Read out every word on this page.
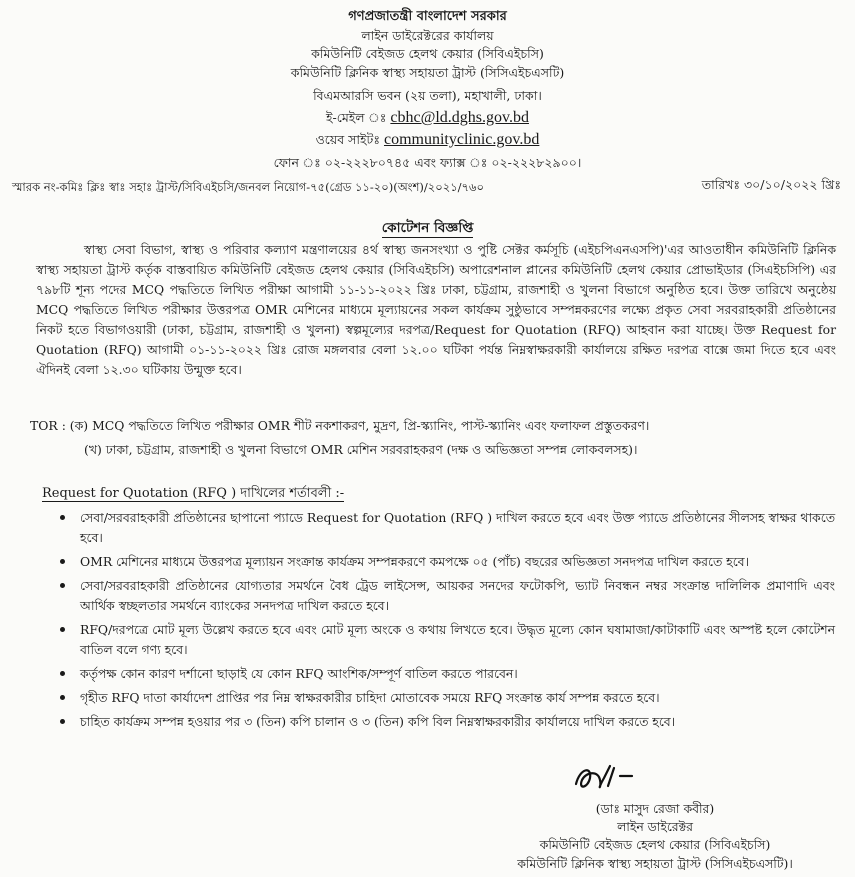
গণপ্রজাতন্ত্রী বাংলাদেশ সরকার
লাইন ডাইরেক্টরের কার্যালয়
কমিউনিটি বেইজড হেলথ কেয়ার (সিবিএইচসি)
কমিউনিটি ক্লিনিক স্বাস্থ্য সহায়তা ট্রাস্ট (সিসিএইচএসটি)
বিএমআরসি ভবন (২য় তলা), মহাখালী, ঢাকা।
ই-মেইল ঃ cbhc@ld.dghs.gov.bd
ওয়েব সাইটঃ communityclinic.gov.bd
ফোন ঃ ০২-২২২৮০৭৪৫ এবং ফ্যাক্স ঃ ০২-২২২৮২৯০০।
স্মারক নং-কমিঃ ক্লিঃ স্বাঃ সহাঃ ট্রাস্ট/সিবিএইচসি/জনবল নিয়োগ-৭৫(গ্রেড ১১-২০)(অংশ)/২০২১/৭৬০	তারিখঃ ৩০/১০/২০২২ খ্রিঃ
কোটেশন বিজ্ঞপ্তি
স্বাস্থ্য সেবা বিভাগ, স্বাস্থ্য ও পরিবার কল্যাণ মন্ত্রণালয়ের ৪র্থ স্বাস্থ্য জনসংখ্যা ও পুষ্টি সেক্টর কর্মসূচি (এইচপিএনএসপি)'এর আওতাধীন কমিউনিটি ক্লিনিক স্বাস্থ্য সহায়তা ট্রাস্ট কর্তৃক বাস্তবায়িত কমিউনিটি বেইজড হেলথ কেয়ার (সিবিএইচসি) অপারেশনাল প্লানের কমিউনিটি হেলথ কেয়ার প্রোভাইডার (সিএইচসিপি) এর ৭৯৮টি শূন্য পদের MCQ পদ্ধতিতে লিখিত পরীক্ষা আগামী ১১-১১-২০২২ খ্রিঃ ঢাকা, চট্টগ্রাম, রাজশাহী ও খুলনা বিভাগে অনুষ্ঠিত হবে। উক্ত তারিখে অনুষ্ঠেয় MCQ পদ্ধতিতে লিখিত পরীক্ষার উত্তরপত্র OMR মেশিনের মাধ্যমে মূল্যায়নের সকল কার্যক্রম সুষ্ঠুভাবে সম্পন্নকরণের লক্ষ্যে প্রকৃত সেবা সরবরাহকারী প্রতিষ্ঠানের নিকট হতে বিভাগওয়ারী (ঢাকা, চট্টগ্রাম, রাজশাহী ও খুলনা) স্বল্পমূল্যের দরপত্র/Request for Quotation (RFQ) আহবান করা যাচ্ছে। উক্ত Request for Quotation (RFQ) আগামী ০১-১১-২০২২ খ্রিঃ রোজ মঙ্গলবার বেলা ১২.০০ ঘটিকা পর্যন্ত নিম্নস্বাক্ষরকারী কার্যালয়ে রক্ষিত দরপত্র বাক্সে জমা দিতে হবে এবং ঐদিনই বেলা ১২.৩০ ঘটিকায় উন্মুক্ত হবে।
TOR : (ক) MCQ পদ্ধতিতে লিখিত পরীক্ষার OMR শীট নকশাকরণ, মুদ্রণ, প্রি-স্ক্যানিং, পাস্ট-স্ক্যানিং এবং ফলাফল প্রস্তুতকরণ।
(খ) ঢাকা, চট্টগ্রাম, রাজশাহী ও খুলনা বিভাগে OMR মেশিন সরবরাহকরণ (দক্ষ ও অভিজ্ঞতা সম্পন্ন লোকবলসহ)।
Request for Quotation (RFQ ) দাখিলের শর্তাবলী :-
সেবা/সরবরাহকারী প্রতিষ্ঠানের ছাপানো প্যাডে Request for Quotation (RFQ ) দাখিল করতে হবে এবং উক্ত প্যাডে প্রতিষ্ঠানের সীলসহ স্বাক্ষর থাকতে হবে।
OMR মেশিনের মাধ্যমে উত্তরপত্র মূল্যায়ন সংক্রান্ত কার্যক্রম সম্পন্নকরণে কমপক্ষে ০৫ (পাঁচ) বছরের অভিজ্ঞতা সনদপত্র দাখিল করতে হবে।
সেবা/সরবরাহকারী প্রতিষ্ঠানের যোগ্যতার সমর্থনে বৈধ ট্রেড লাইসেন্স, আয়কর সনদের ফটোকপি, ভ্যাট নিবন্ধন নম্বর সংক্রান্ত দালিলিক প্রমাণাদি এবং আর্থিক স্বচ্ছলতার সমর্থনে ব্যাংকের সনদপত্র দাখিল করতে হবে।
RFQ/দরপত্রে মোট মূল্য উল্লেখ করতে হবে এবং মোট মূল্য অংকে ও কথায় লিখতে হবে। উদ্ধৃত মূল্যে কোন ঘষামাজা/কাটাকাটি এবং অস্পষ্ট হলে কোটেশন বাতিল বলে গণ্য হবে।
কর্তৃপক্ষ কোন কারণ দর্শানো ছাড়াই যে কোন RFQ আংশিক/সম্পূর্ণ বাতিল করতে পারবেন।
গৃহীত RFQ দাতা কার্যাদেশ প্রাপ্তির পর নিম্ন স্বাক্ষরকারীর চাহিদা মোতাবেক সময়ে RFQ সংক্রান্ত কার্য সম্পন্ন করতে হবে।
চাহিত কার্যক্রম সম্পন্ন হওয়ার পর ৩ (তিন) কপি চালান ও ৩ (তিন) কপি বিল নিম্নস্বাক্ষরকারীর কার্যালয়ে দাখিল করতে হবে।
(ডাঃ মাসুদ রেজা কবীর)
লাইন ডাইরেক্টর
কমিউনিটি বেইজড হেলথ কেয়ার (সিবিএইচসি)
কমিউনিটি ক্লিনিক স্বাস্থ্য সহায়তা ট্রাস্ট (সিসিএইচএসটি)।
